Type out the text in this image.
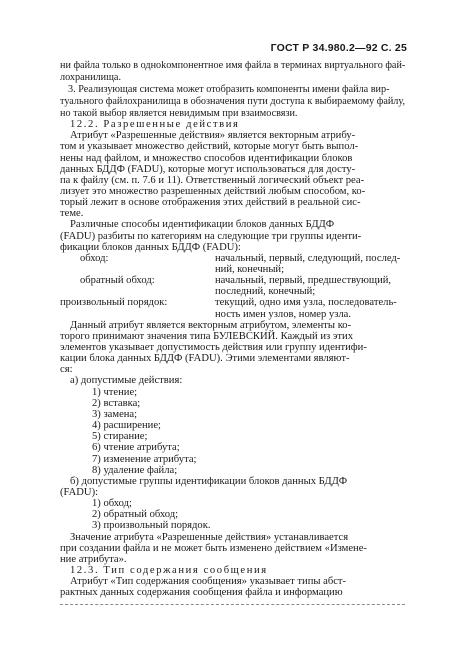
ГОСТ Р 34.980.2—92 С. 25
ни файла только в одноkомпонентное имя файла в терминах виртуального фай-
лохранилища.
3. Реализующая система может отобразить компоненты имени файла вир-
туального файлохранилища в обозначения пути доступа к выбираемому файлу,
но такой выбор является невидимым при взаимосвязи.
12.2. Разрешенные действия
Атрибут «Разрешенные действия» является векторным атрибу-
том и указывает множество действий, которые могут быть выпол-
нены над файлом, и множество способов идентификации блоков
данных БДДФ (FADU), которые могут использоваться для досту-
па к файлу (см. п. 7.6 и 11). Ответственный логический объект реа-
лизует это множество разрешенных действий любым способом, ко-
торый лежит в основе отображения этих действий в реальной сис-
теме.
Различные способы идентификации блоков данных БДДФ
(FADU) разбиты по категориям на следующие три группы иденти-
фикации блоков данных БДДФ (FADU):
обход:	начальный, первый, следующий, послед-
ний, конечный;
обратный обход:	начальный, первый, предшествующий,
последний, конечный;
произвольный порядок:	текущий, одно имя узла, последователь-
ность имен узлов, номер узла.
Данный атрибут является векторным атрибутом, элементы ко-
торого принимают значения типа БУЛЕВСКИЙ. Каждый из этих
элементов указывает допустимость действия или группу идентифи-
кации блока данных БДДФ (FADU). Этими элементами являют-
ся:
а) допустимые действия:
1) чтение;
2) вставка;
3) замена;
4) расширение;
5) стирание;
6) чтение атрибута;
7) изменение атрибута;
8) удаление файла;
б) допустимые группы идентификации блоков данных БДДФ
(FADU):
1) обход;
2) обратный обход;
3) произвольный порядок.
Значение атрибута «Разрешенные действия» устанавливается
при создании файла и не может быть изменено действием «Измене-
ние атрибута».
12.3. Тип содержания сообщения
Атрибут «Тип содержания сообщения» указывает типы абст-
рактных данных содержания сообщения файла и информацию
